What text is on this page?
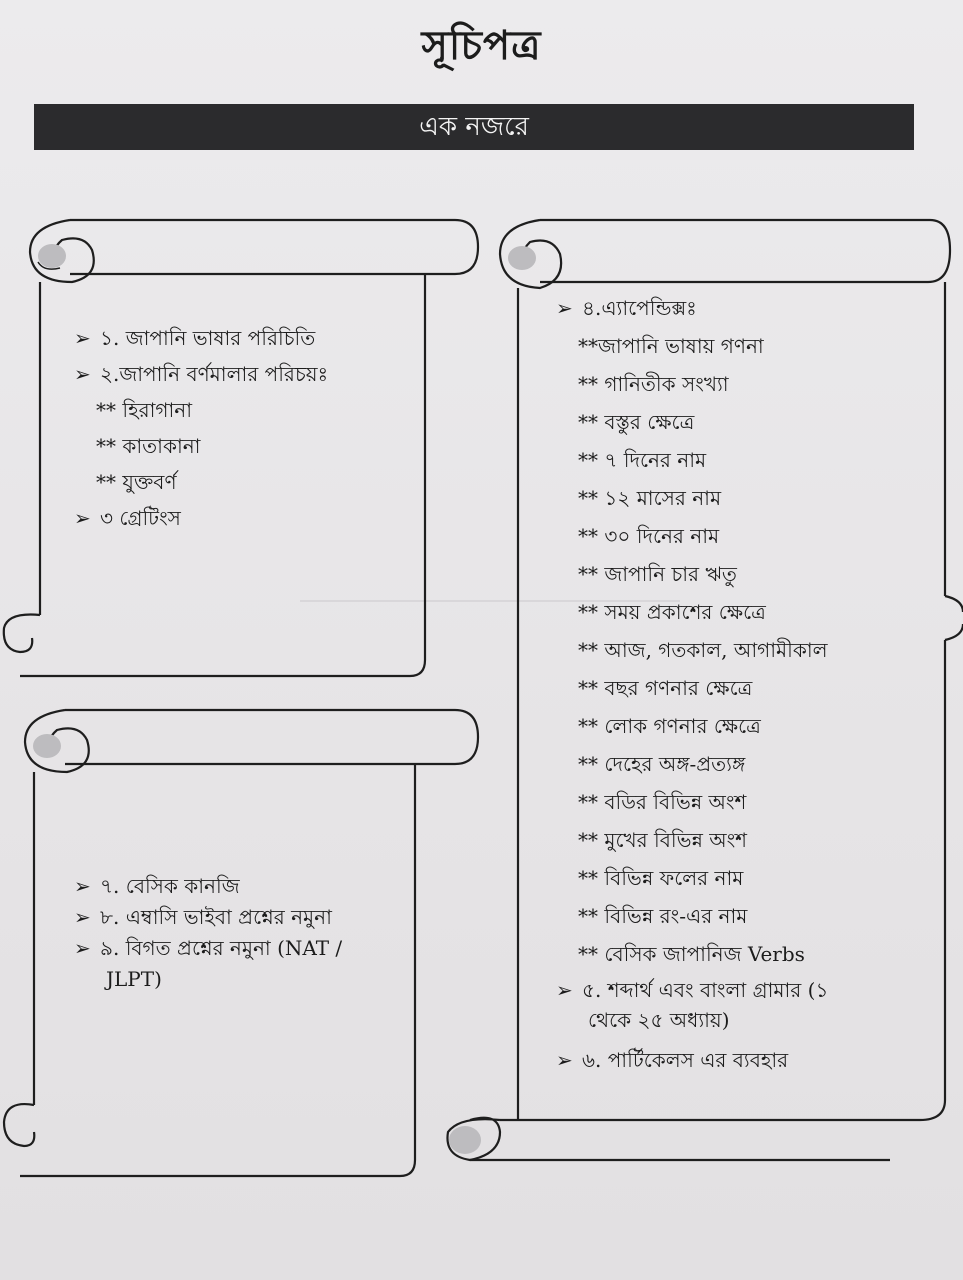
সূচিপত্র
এক নজরে
➢ ১. জাপানি ভাষার পরিচিতি
➢ ২.জাপানি বর্ণমালার পরিচয়ঃ
** হিরাগানা
** কাতাকানা
** যুক্তবর্ণ
➢ ৩ গ্রেটিংস
➢ ৭. বেসিক কানজি
➢ ৮. এম্বাসি ভাইবা প্রশ্নের নমুনা
➢ ৯. বিগত প্রশ্নের নমুনা (NAT /
JLPT)
➢ ৪.এ্যাপেন্ডিক্সঃ
**জাপানি ভাষায় গণনা
** গানিতীক সংখ্যা
** বস্তুর ক্ষেত্রে
** ৭ দিনের নাম
** ১২ মাসের নাম
** ৩০ দিনের নাম
** জাপানি চার ঋতু
** সময় প্রকাশের ক্ষেত্রে
** আজ, গতকাল, আগামীকাল
** বছর গণনার ক্ষেত্রে
** লোক গণনার ক্ষেত্রে
** দেহের অঙ্গ-প্রত্যঙ্গ
** বডির বিভিন্ন অংশ
** মুখের বিভিন্ন অংশ
** বিভিন্ন ফলের নাম
** বিভিন্ন রং-এর নাম
** বেসিক জাপানিজ Verbs
➢ ৫. শব্দার্থ এবং বাংলা গ্রামার (১
থেকে ২৫ অধ্যায়)
➢ ৬. পার্টিকেলস এর ব্যবহার
